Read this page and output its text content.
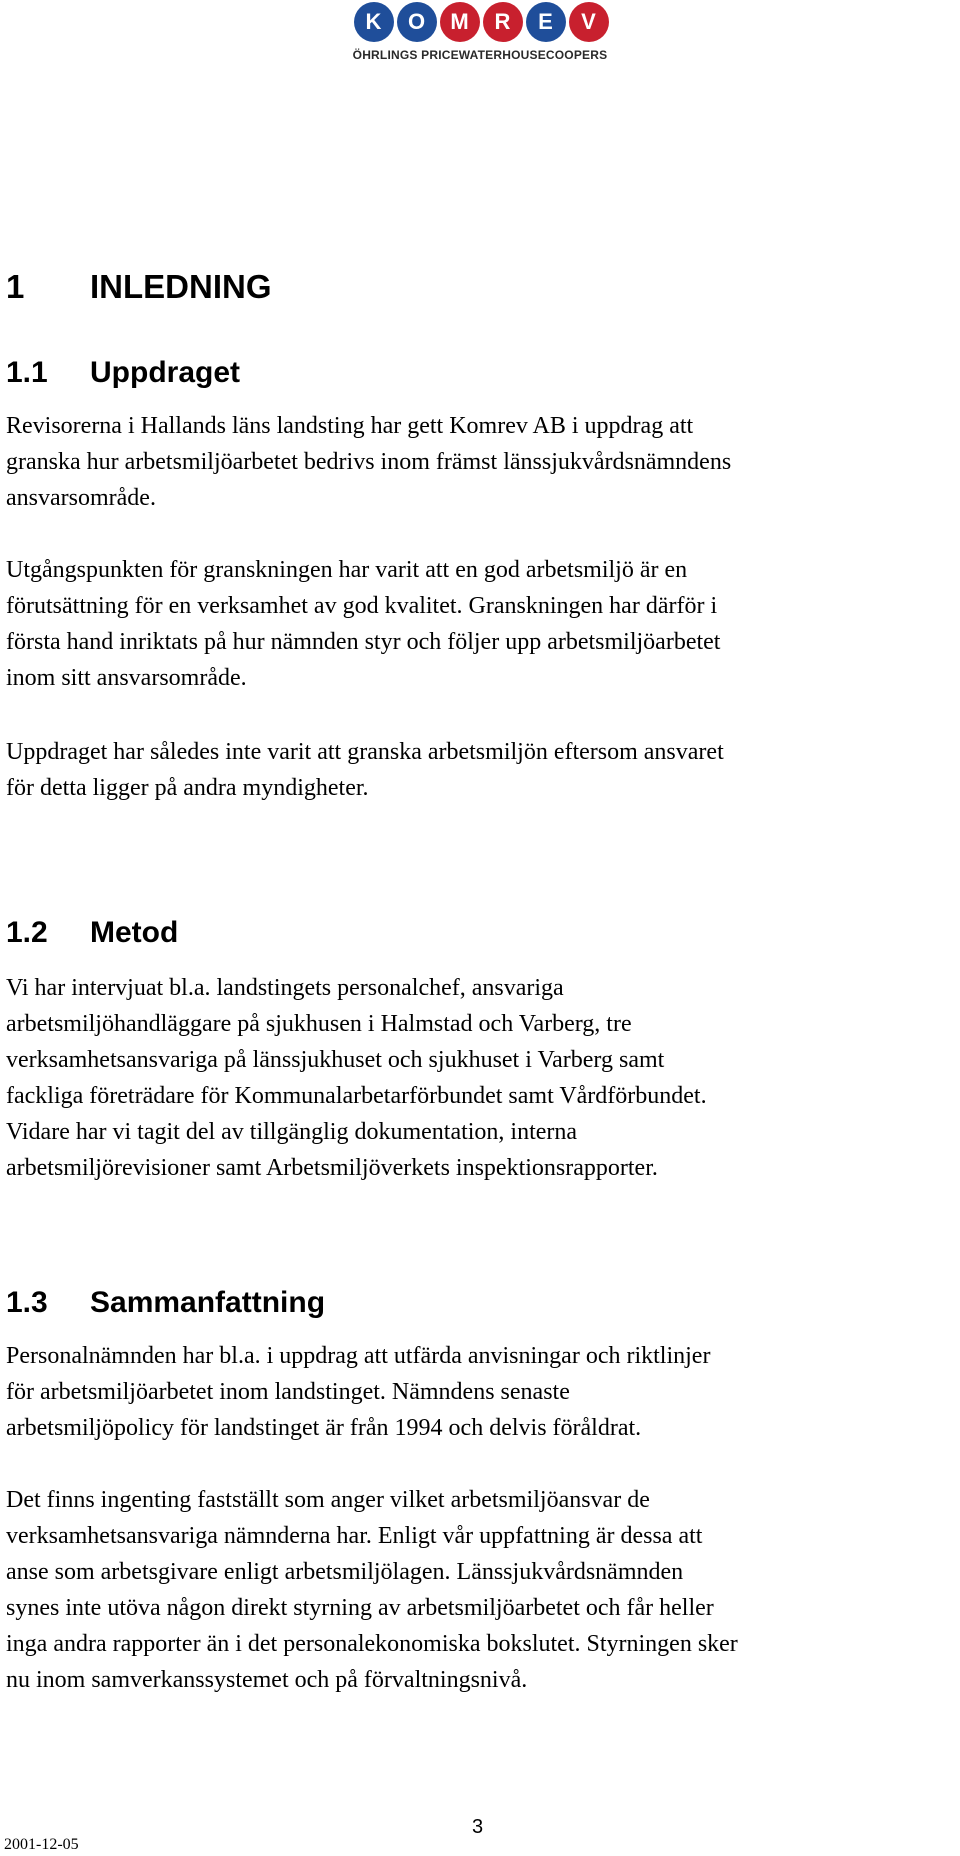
K	O	M	R	E	V
ÖHRLINGS PRICEWATERHOUSECOOPERS
1 INLEDNING
1.1 Uppdraget

Revisorerna i Hallands läns landsting har gett Komrev AB i uppdrag att
granska hur arbetsmiljöarbetet bedrivs inom främst länssjukvårdsnämndens
ansvarsområde.

Utgångspunkten för granskningen har varit att en god arbetsmiljö är en
förutsättning för en verksamhet av god kvalitet. Granskningen har därför i
första hand inriktats på hur nämnden styr och följer upp arbetsmiljöarbetet
inom sitt ansvarsområde.

Uppdraget har således inte varit att granska arbetsmiljön eftersom ansvaret
för detta ligger på andra myndigheter.

1.2 Metod

Vi har intervjuat bl.a. landstingets personalchef, ansvariga
arbetsmiljöhandläggare på sjukhusen i Halmstad och Varberg, tre
verksamhetsansvariga på länssjukhuset och sjukhuset i Varberg samt
fackliga företrädare för Kommunalarbetarförbundet samt Vårdförbundet.
Vidare har vi tagit del av tillgänglig dokumentation, interna
arbetsmiljörevisioner samt Arbetsmiljöverkets inspektionsrapporter.

1.3 Sammanfattning

Personalnämnden har bl.a. i uppdrag att utfärda anvisningar och riktlinjer
för arbetsmiljöarbetet inom landstinget. Nämndens senaste
arbetsmiljöpolicy för landstinget är från 1994 och delvis föråldrat.

Det finns ingenting fastställt som anger vilket arbetsmiljöansvar de
verksamhetsansvariga nämnderna har. Enligt vår uppfattning är dessa att
anse som arbetsgivare enligt arbetsmiljölagen. Länssjukvårdsnämnden
synes inte utöva någon direkt styrning av arbetsmiljöarbetet och får heller
inga andra rapporter än i det personalekonomiska bokslutet. Styrningen sker
nu inom samverkanssystemet och på förvaltningsnivå.

3
2001-12-05
